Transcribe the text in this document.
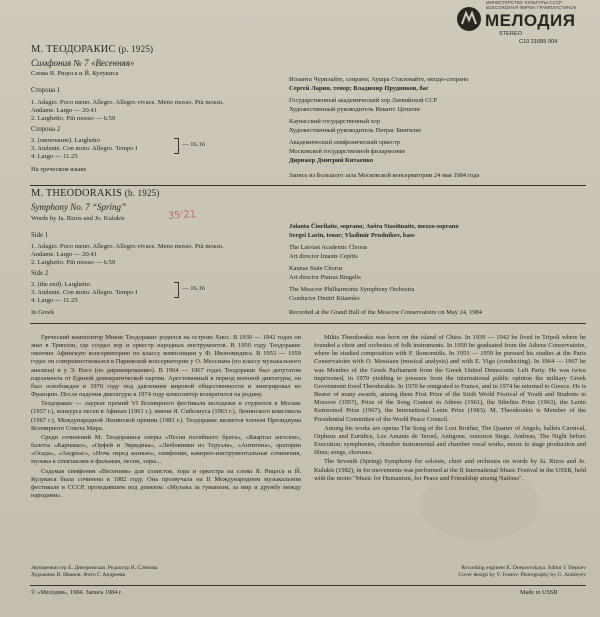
МИНИСТЕРСТВО КУЛЬТУРЫ СССР
ВСЕСОЮЗНАЯ ФИРМА ГРАМПЛАСТИНОК
МЕЛОДИЯ
STEREO
С10 21685 004
М. ТЕОДОРАКИС (р. 1925)
Симфония № 7 «Весенняя»
Слова Я. Рицоса и Й. Кулукиса
Сторона 1
1. Adagio. Poco meno. Allegro. Allegro vivace. Meno mosso. Più mosso.
Andante. Largo — 20.41
2. Larghetto. Più mosso — 6.59
Сторона 2
2. (окончание). Larghetto
3. Andante. Con moto. Allegro. Tempo I
4. Largo — 11.25
— 16.16
На греческом языке
Иоланта Чурилайте, сопрано; Аушра Стасюнайте, меццо-сопрано
Сергей Ларин, тенор; Владимир Прудников, бас
Государственный академический хор Латвийской ССР
Художественный руководитель Имантс Цепитис
Каунасский государственный хор
Художественный руководитель Пятрас Бингялис
Академический симфонический оркестр
Московской государственной филармонии
Дирижер Дмитрий Китаенко
Запись из Большого зала Московской консерватории 24 мая 1984 года
M. THEODORAKIS (b. 1925)
Symphony No. 7 “Spring”
Words by Ja. Rizos and Jo. Kulukis	35'21
Side 1
1. Adagio. Poco meno. Allegro. Allegro vivace. Meno mosso. Più mosso.
Andante. Largo — 20.41
2. Larghetto. Più mosso — 6.59
Side 2
2. (the end). Larghetto
3. Andante. Con moto. Allegro. Tempo I
4. Largo — 11.25
— 16.16
In Greek
Jolanta Čiurilaite, soprano; Aušra Stasiūnaite, mezzo-soprano
Sergei Larin, tenor; Vladimir Prudnikov, bass
The Latvian Academic Chorus
Art director Imants Cepītis
Kaunas State Chorus
Art director Piatras Bingelis
The Moscow Philharmonic Symphony Orchestra
Conductor Dmitri Kitaenko
Recorded at the Grand Hall of the Moscow Conservatoire on May 24, 1984

Греческий композитор Микис Теодоракис родился на острове Хиос. В 1939 — 1942 годах он жил в Триполи, где создал хор и оркестр народных инструментов. В 1950 году Теодоракис окончил Афинскую консерваторию по классу композиции у Ф. Икономидиса. В 1953 — 1959 годах он совершенствовался в Парижской консерватории у О. Мессиана (по классу музыкального анализа) и у Э. Вого (по дирижированию). В 1964 — 1967 годах Теодоракис был депутатом парламента от Единой демократической партии. Арестованный в период военной диктатуры, он был освобожден в 1970 году под давлением мировой общественности и эмигрировал во Францию. После падения диктатуры в 1974 году композитор возвратился на родину.

Теодоракис — лауреат премий VI Всемирного фестиваля молодежи и студентов в Москве (1957 г.), конкурса песен в Афинах (1961 г.), имени Я. Сибелиуса (1963 г.), Ленинского комсомола (1967 г.), Международной Ленинской премии (1983 г.). Теодоракис является членом Президиума Всемирного Совета Мира.

Среди сочинений М. Теодоракиса оперы «Песня погибшего брата», «Квартал ангелов», балеты «Карнавал», «Орфей и Эвридика», «Любовники из Теруэля», «Антигона», оратории «Осада», «Андреас», «Ночь перед казнью», симфонии, камерно-инструментальные сочинения, музыка к спектаклям и фильмам, песни, хоры...

Седьмая симфония «Весенняя» для солистов, хора и оркестра на слова Я. Рицоса и Й. Кулукиса была сочинена в 1982 году. Она прозвучала на II Международном музыкальном фестивале в СССР, проходившем под девизом: «Музыка за гуманизм, за мир и дружбу между народами».

Mikis Theodorakis was born on the island of Chios. In 1939 — 1942 he lived in Tripoli where he founded a choir and orchestra of folk instruments. In 1950 he graduated from the Athens Conservatoire, where he studied composition with F. Ikonomidis. In 1953 — 1959 he pursued his studies at the Paris Conservatoire with O. Messiaen (musical analysis) and with E. Vigo (conducting). In 1964 — 1967 he was Member of the Greek Parliament from the Greek United Democratic Left Party. He was twice imprisoned, in 1970 yielding to pressure from the international public opinion the military Greek Government freed Theodorakis. In 1970 he emigrated to France, and in 1974 he returned to Greece. He is Bearer of many awards, among them First Prize of the Sixth World Festival of Youth and Students in Moscow (1957), Prize of the Song Contest in Athens (1961), the Sibelius Prize (1963), the Lenin Komsomol Prize (1967), the International Lenin Prize (1983). M. Theodorakis is Member of the Presidential Committee of the World Peace Council.

Among his works are operas The Song of the Lost Brother, The Quarter of Angels, ballets Carnival, Orpheus and Euridice, Les Amants de Teruel, Antigone, oratorios Siege, Andreas, The Night before Execution; symphonies, chamber instrumental and chamber vocal works, music to stage production and films; songs, choruses.

The Seventh (Spring) Symphony for soloists, choir and orchestra on words by Ja. Rizos and Jo. Kulukis (1982), in for movements was performed at the II International Music Festival in the USSR, held with the motto "Music for Humanism, for Peace and Friendship among Nations".

Звукорежиссер Е. Днепровская. Редактор И. Слепова
Художник В. Иванов. Фото Г. Андреева
Recording engineer E. Dneprovskaya. Editor I. Slepnev
Cover design by V. Ivanov. Photography by G. Andreyev
© «Мелодия», 1984. Запись 1984 г.	Made in USSR
